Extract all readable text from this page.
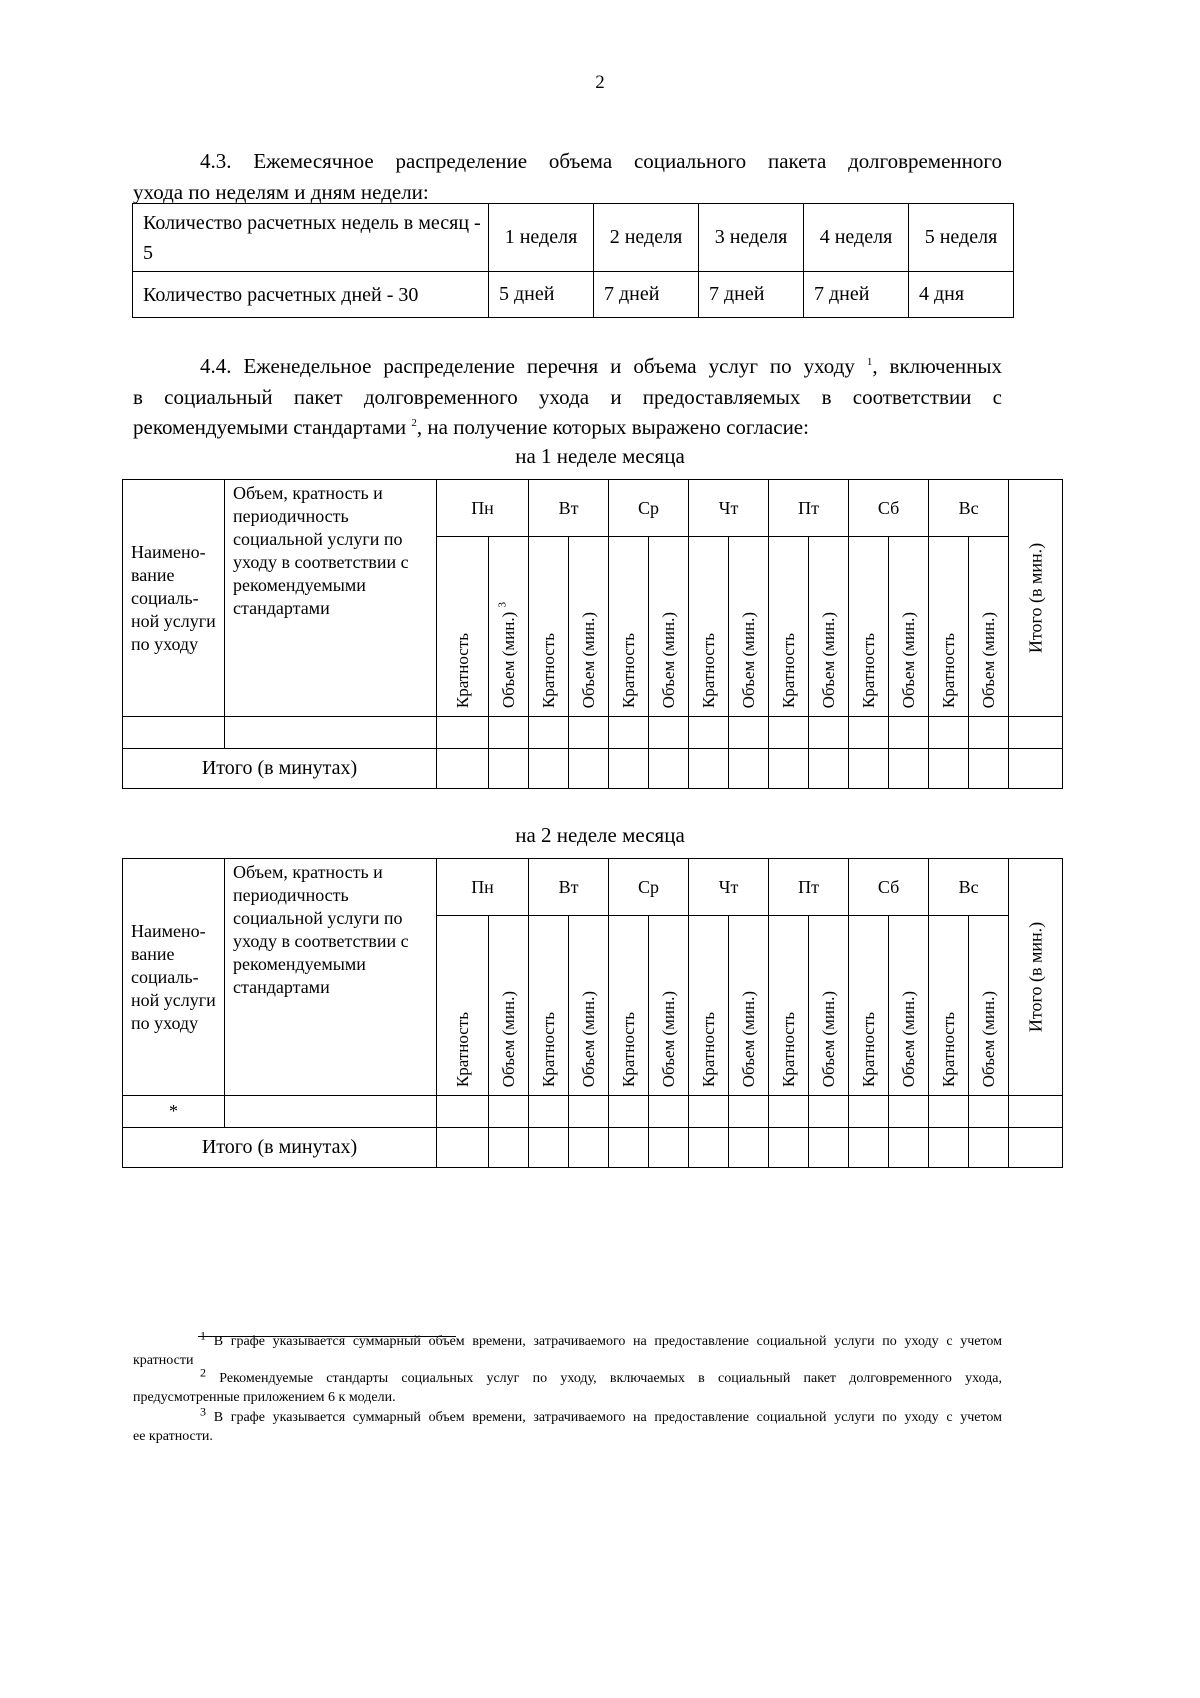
2
4.3. Ежемесячное распределение объема социального пакета долговременного
ухода по неделям и дням недели:
Количество расчетных недель в месяц - 5	1 неделя	2 неделя	3 неделя	4 неделя	5 неделя
Количество расчетных дней - 30	5 дней	7 дней	7 дней	7 дней	4 дня
4.4. Еженедельное распределение перечня и объема услуг по уходу $^1$, включенных
в социальный пакет долговременного ухода и предоставляемых в соответствии с
рекомендуемыми стандартами $^2$, на получение которых выражено согласие:
на 1 неделе месяца
Наимено-вание социаль-ной услуги по уходу	Объем, кратность и периодичность социальной услуги по уходу в соответствии с рекомендуемыми стандартами	Пн		Вт		Ср		Чт		Пт		Сб		Вс		Итого (в мин.)

		Кратность	Объем (мин.) $^3$	Кратность	Объем (мин.)	Кратность	Объем (мин.)	Кратность	Объем (мин.)	Кратность	Объем (мин.)	Кратность	Объем (мин.)	Кратность	Объем (мин.)	

Итого (в минутах)																
на 2 неделе месяца
Наимено-вание социаль-ной услуги по уходу	Объем, кратность и периодичность социальной услуги по уходу в соответствии с рекомендуемыми стандартами	Пн		Вт		Ср		Чт		Пт		Сб		Вс		Итого (в мин.)

		Кратность	Объем (мин.)	Кратность	Объем (мин.)	Кратность	Объем (мин.)	Кратность	Объем (мин.)	Кратность	Объем (мин.)	Кратность	Объем (мин.)	Кратность	Объем (мин.)	

*																
Итого (в минутах)																
$^1$ В графе указывается суммарный объем времени, затрачиваемого на предоставление социальной услуги по уходу с учетом
кратности
$^2$ Рекомендуемые стандарты социальных услуг по уходу, включаемых в социальный пакет долговременного ухода,
предусмотренные приложением 6 к модели.
$^3$ В графе указывается суммарный объем времени, затрачиваемого на предоставление социальной услуги по уходу с учетом
ее кратности.
